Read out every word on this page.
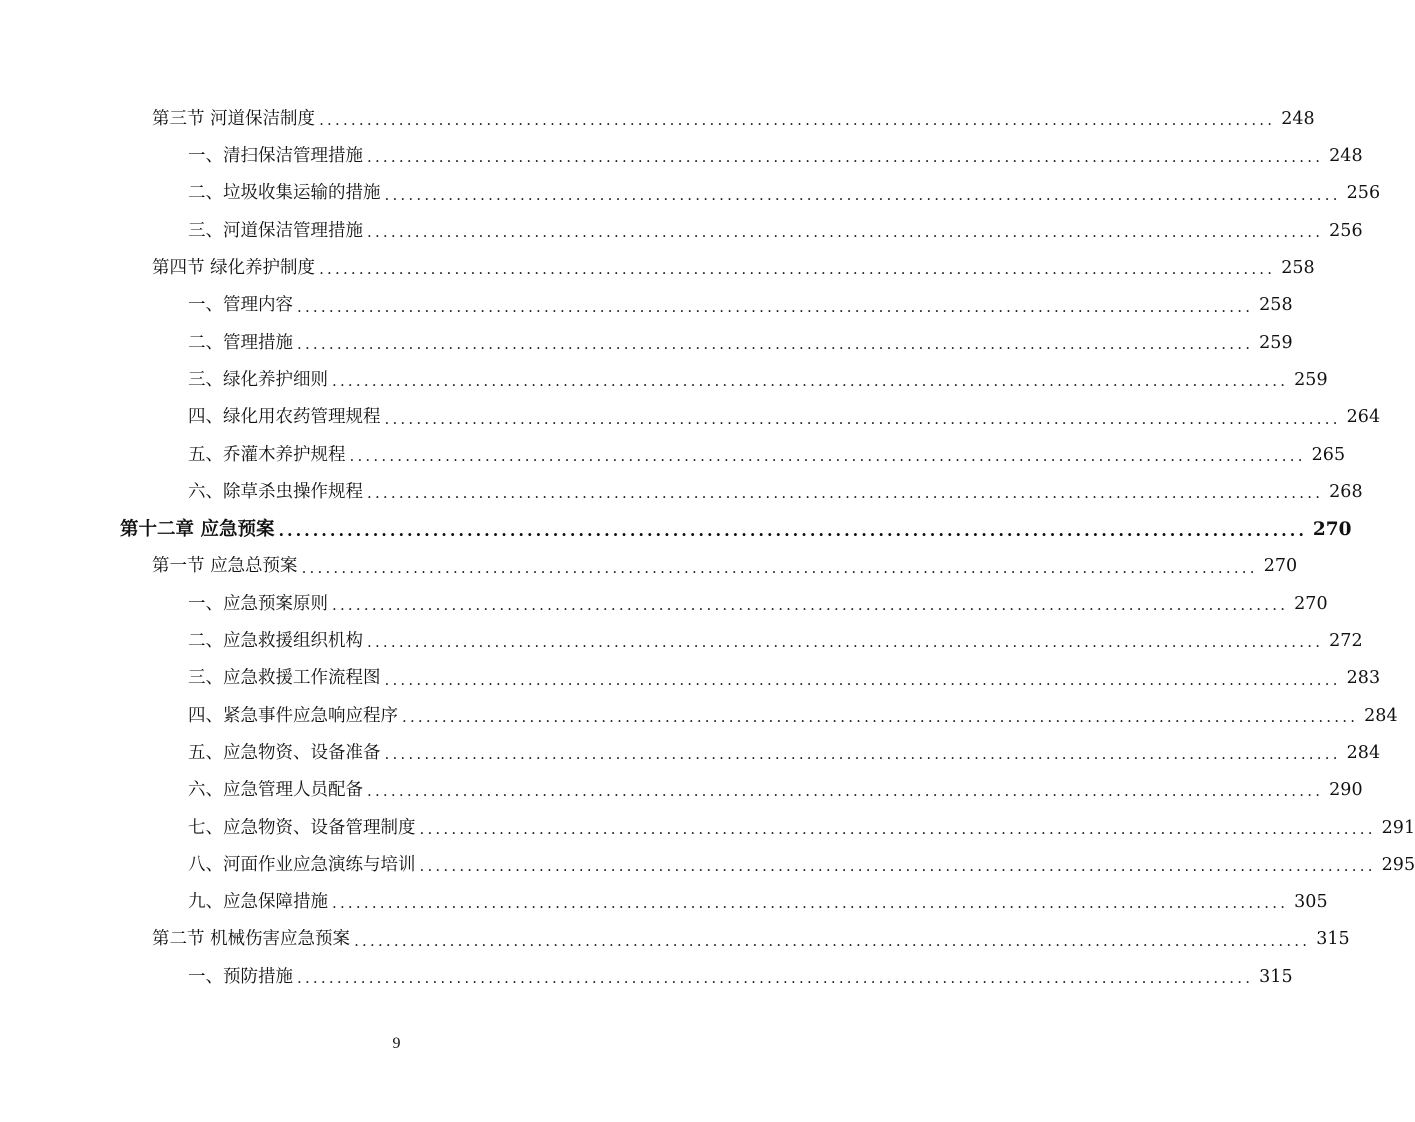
第三节 河道保洁制度 ........................................................................................................................ 248
一、清扫保洁管理措施 ........................................................................................................................ 248
二、垃圾收集运输的措施 ........................................................................................................................ 256
三、河道保洁管理措施 ........................................................................................................................ 256
第四节 绿化养护制度 ........................................................................................................................ 258
一、管理内容 ........................................................................................................................ 258
二、管理措施 ........................................................................................................................ 259
三、绿化养护细则 ........................................................................................................................ 259
四、绿化用农药管理规程 ........................................................................................................................ 264
五、乔灌木养护规程 ........................................................................................................................ 265
六、除草杀虫操作规程 ........................................................................................................................ 268
第十二章 应急预案 ........................................................................................................................ 270
第一节 应急总预案 ........................................................................................................................ 270
一、应急预案原则 ........................................................................................................................ 270
二、应急救援组织机构 ........................................................................................................................ 272
三、应急救援工作流程图 ........................................................................................................................ 283
四、紧急事件应急响应程序 ........................................................................................................................ 284
五、应急物资、设备准备 ........................................................................................................................ 284
六、应急管理人员配备 ........................................................................................................................ 290
七、应急物资、设备管理制度 ........................................................................................................................ 291
八、河面作业应急演练与培训 ........................................................................................................................ 295
九、应急保障措施 ........................................................................................................................ 305
第二节 机械伤害应急预案 ........................................................................................................................ 315
一、预防措施 ........................................................................................................................ 315
9
